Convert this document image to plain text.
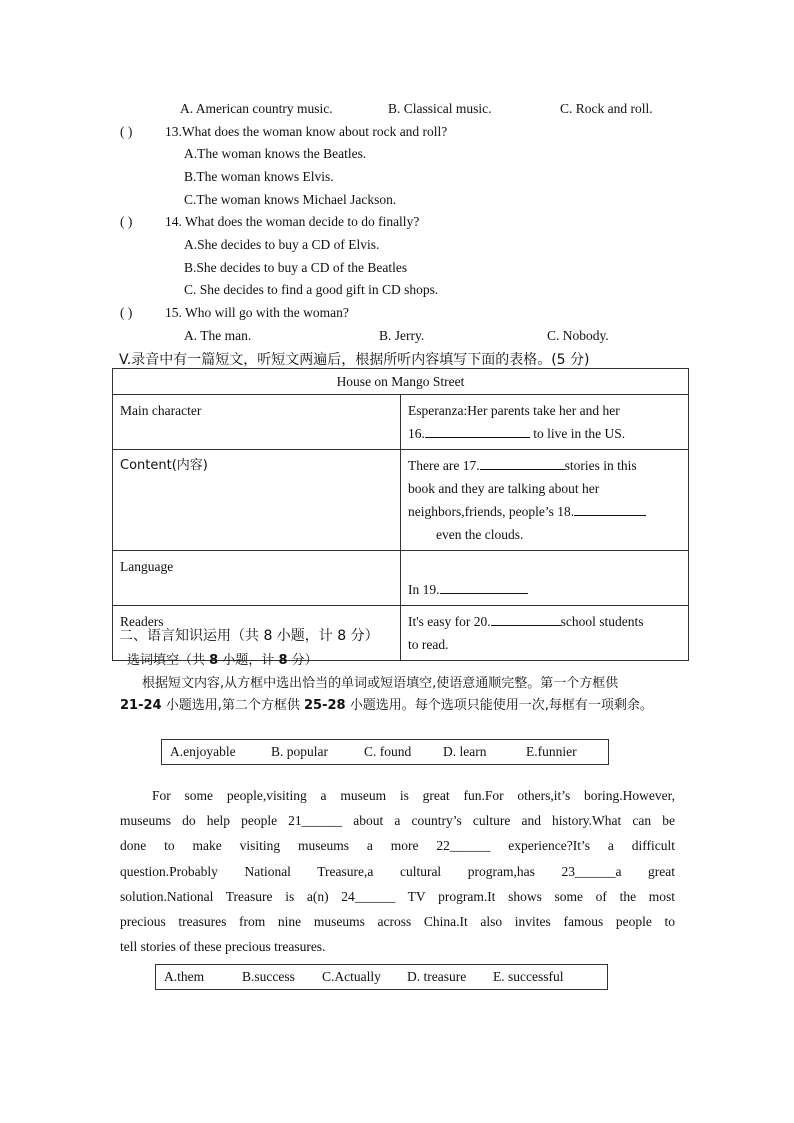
A. American country music.	B. Classical music.	C. Rock and roll.
( ) 13.What does the woman know about rock and roll?
A.The woman knows the Beatles.
B.The woman knows Elvis.
C.The woman knows Michael Jackson.
( ) 14. What does the woman decide to do finally?
A.She decides to buy a CD of Elvis.
B.She decides to buy a CD of the Beatles
C. She decides to find a good gift in CD shops.
( ) 15. Who will go with the woman?
A. The man.	B. Jerry.	C. Nobody.
V.录音中有一篇短文，听短文两遍后，根据所听内容填写下面的表格。(5 分)
House on Mango Street	
Main character	Esperanza:Her parents take her and her
16. to live in the US.

Content(内容)	There are 17. stories in this
book and they are talking about her
neighbors,friends, people’s 18.
even the clouds.

Language	In 19.

Readers	It's easy for 20. school students
to read.
二、语言知识运用（共 8 小题，计 8 分）
选词填空（共 8 小题，计 8 分）
根据短文内容,从方框中选出恰当的单词或短语填空,使语意通顺完整。第一个方框供
21-24 小题选用,第二个方框供 25-28 小题选用。每个选项只能使用一次,每框有一项剩余。
A.enjoyable	B. popular	C. found D. learn	E.funnier
For some people,visiting a museum is great fun.For others,it’s boring.However,
museums do help people 21______ about a country’s culture and history.What can be
done to make visiting museums a more 22______ experience?It’s a difficult
question.Probably National Treasure,a cultural program,has 23______a great
solution.National Treasure is a(n) 24______ TV program.It shows some of the most
precious treasures from nine museums across China.It also invites famous people to
tell stories of these precious treasures.
A.them	B.success C.Actually D. treasure E. successful
